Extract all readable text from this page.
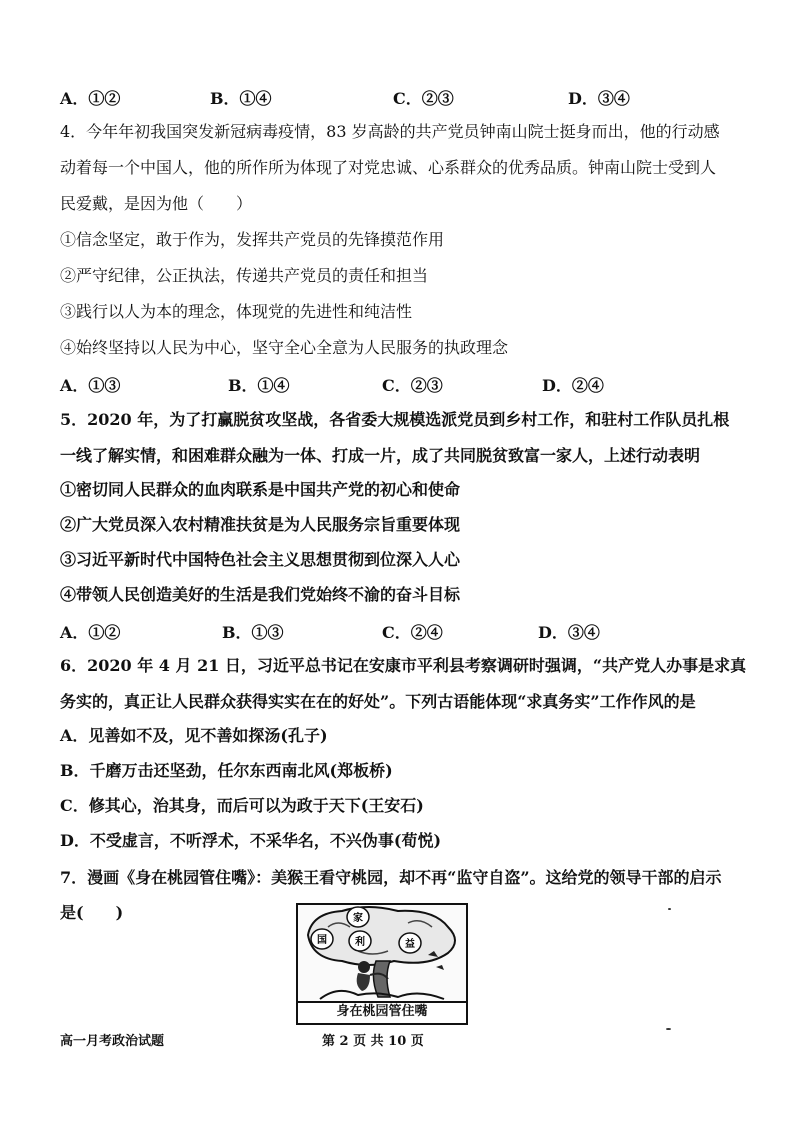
A．①②	B．①④	C．②③	D．③④
4．今年年初我国突发新冠病毒疫情，83 岁高龄的共产党员钟南山院士挺身而出，他的行动感
动着每一个中国人，他的所作所为体现了对党忠诚、心系群众的优秀品质。钟南山院士受到人
民爱戴，是因为他（　　）
①信念坚定，敢于作为，发挥共产党员的先锋摸范作用
②严守纪律，公正执法，传递共产党员的责任和担当
③践行以人为本的理念，体现党的先进性和纯洁性
④始终坚持以人民为中心，坚守全心全意为人民服务的执政理念
A．①③	B．①④	C．②③	D．②④
5．2020 年，为了打赢脱贫攻坚战，各省委大规模选派党员到乡村工作，和驻村工作队员扎根
一线了解实情，和困难群众融为一体、打成一片，成了共同脱贫致富一家人，上述行动表明
①密切同人民群众的血肉联系是中国共产党的初心和使命
②广大党员深入农村精准扶贫是为人民服务宗旨重要体现
③习近平新时代中国特色社会主义思想贯彻到位深入人心
④带领人民创造美好的生活是我们党始终不渝的奋斗目标
A．①②	B．①③	C．②④	D．③④
6．2020 年 4 月 21 日，习近平总书记在安康市平利县考察调研时强调，“共产党人办事是求真
务实的，真正让人民群众获得实实在在的好处”。下列古语能体现“求真务实”工作作风的是
A．见善如不及，见不善如探汤(孔子)
B．千磨万击还坚劲，任尔东西南北风(郑板桥)
C．修其心，治其身，而后可以为政于天下(王安石)
D．不受虚言，不听浮术，不采华名，不兴伪事(荀悦)
7．漫画《身在桃园管住嘴》：美猴王看守桃园，却不再“监守自盗”。这给党的领导干部的启示
是(　　)
国
家
利	益
身在桃园管住嘴
高一月考政治试题	第 2 页 共 10 页
